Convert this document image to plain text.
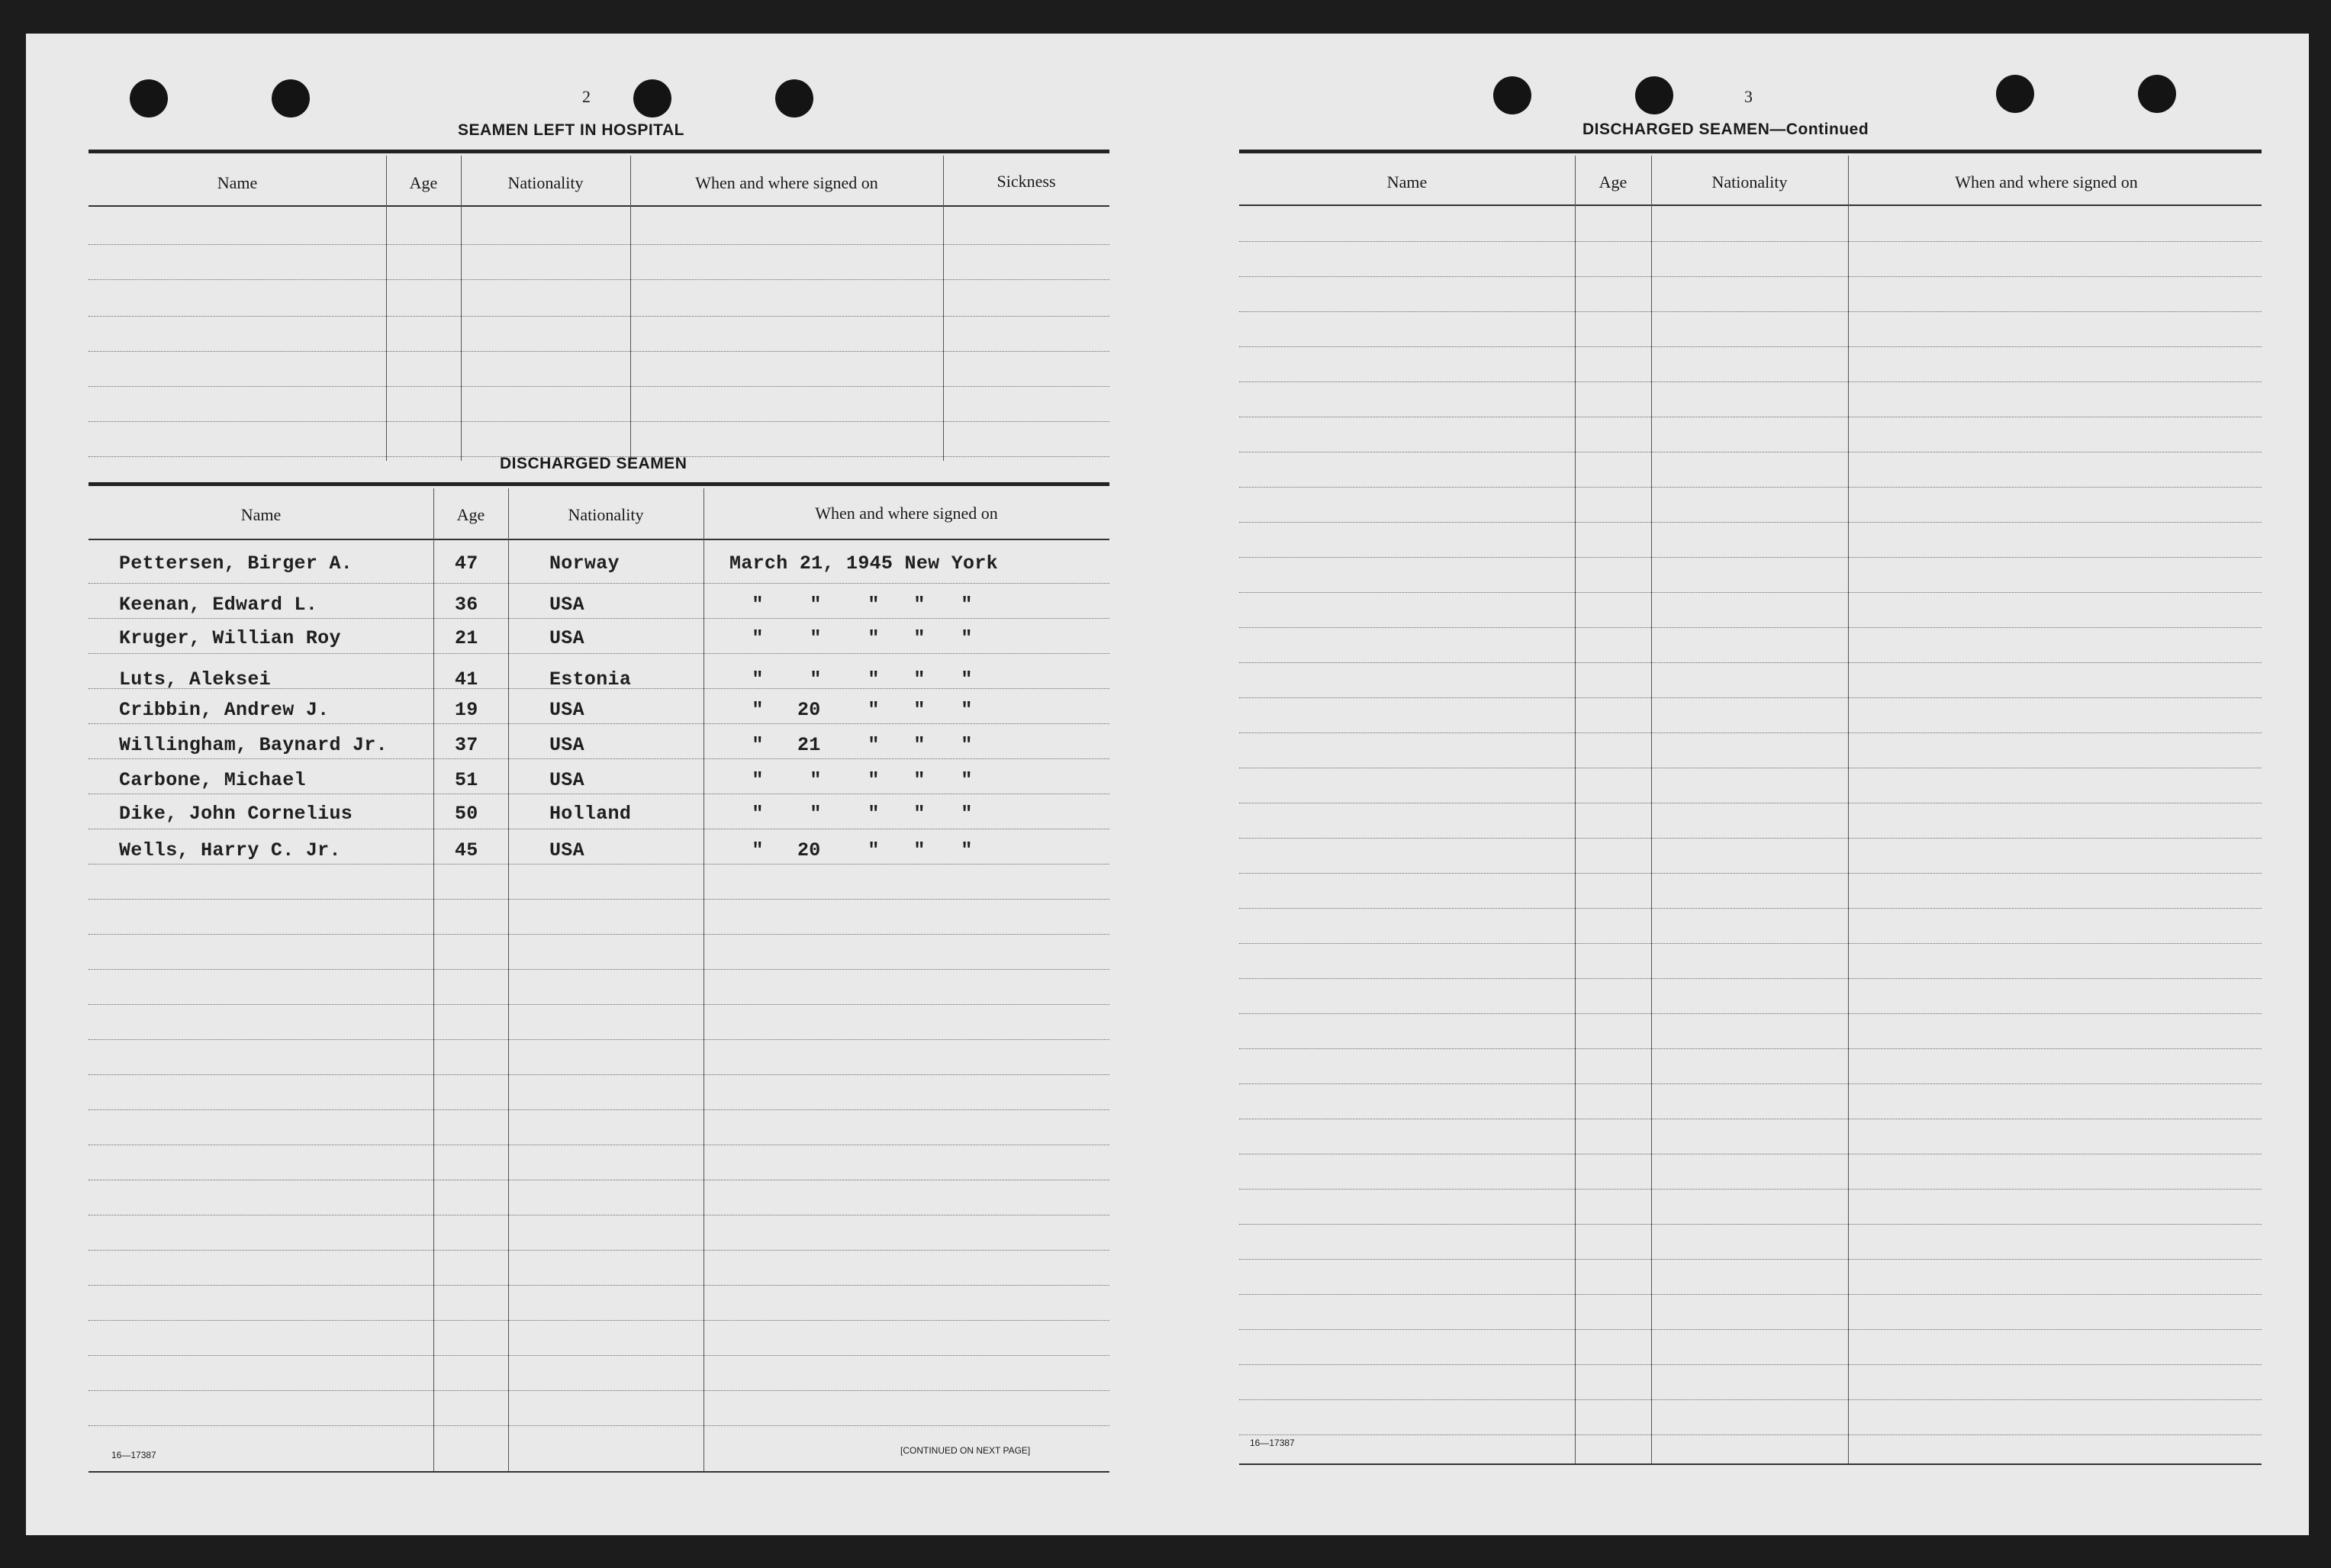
2
SEAMEN LEFT IN HOSPITAL
Name	Age	Nationality	When and where signed on	Sickness
DISCHARGED SEAMEN
Name	Age	Nationality	When and where signed on
Pettersen, Birger A.	47	Norway	March 21, 1945 New York
Keenan, Edward L.	36	USA	" " " " "
Kruger, Willian Roy	21	USA	" " " " "
Luts, Aleksei	41	Estonia	" " " " "
Cribbin, Andrew J.	19	USA	" 20 " " "
Willingham, Baynard Jr.	37	USA	" 21 " " "
Carbone, Michael	51	USA	" " " " "
Dike, John Cornelius	50	Holland	" " " " "
Wells, Harry C. Jr.	45	USA	" 20 " " "
16—17387	[CONTINUED ON NEXT PAGE]
3
DISCHARGED SEAMEN—Continued
Name	Age	Nationality	When and where signed on
16—17387
